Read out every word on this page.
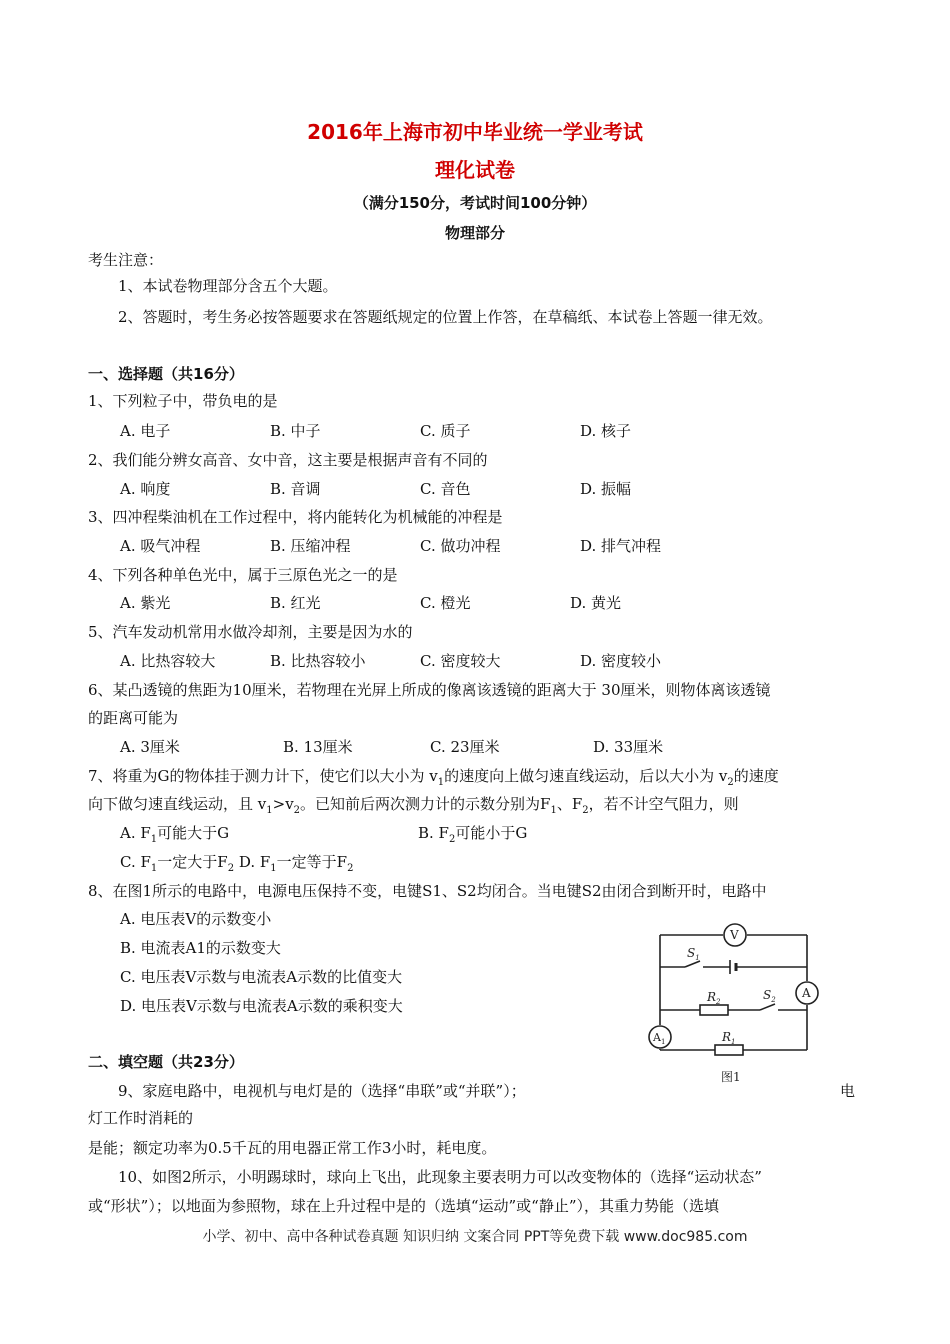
2016年上海市初中毕业统一学业考试
理化试卷
（满分150分，考试时间100分钟）
物理部分
考生注意：
1、本试卷物理部分含五个大题。
2、答题时，考生务必按答题要求在答题纸规定的位置上作答，在草稿纸、本试卷上答题一律无效。
一、选择题（共16分）
1、下列粒子中，带负电的是
A. 电子	B. 中子	C. 质子	D. 核子
2、我们能分辨女高音、女中音，这主要是根据声音有不同的
A. 响度	B. 音调	C. 音色	D. 振幅
3、四冲程柴油机在工作过程中，将内能转化为机械能的冲程是
A. 吸气冲程	B. 压缩冲程	C. 做功冲程	D. 排气冲程
4、下列各种单色光中，属于三原色光之一的是
A. 紫光	B. 红光	C. 橙光	D. 黄光
5、汽车发动机常用水做冷却剂，主要是因为水的
A. 比热容较大	B. 比热容较小	C. 密度较大	D. 密度较小
6、某凸透镜的焦距为10厘米，若物理在光屏上所成的像离该透镜的距离大于 30厘米，则物体离该透镜
的距离可能为
A. 3厘米	B. 13厘米	C. 23厘米	D. 33厘米
7、将重为G的物体挂于测力计下，使它们以大小为 $v_1$的速度向上做匀速直线运动，后以大小为 $v_2$的速度
向下做匀速直线运动，且 $v_1>v_2$。已知前后两次测力计的示数分别为$F_1$、$F_2$，若不计空气阻力，则
A. $F_1$可能大于G	B. $F_2$可能小于G
C. $F_1$一定大于$F_2$ D. $F_1$一定等于$F_2$
8、在图1所示的电路中，电源电压保持不变，电键S1、S2均闭合。当电键S2由闭合到断开时，电路中
A. 电压表V的示数变小
B. 电流表A1的示数变大
C. 电压表V示数与电流表A示数的比值变大
D. 电压表V示数与电流表A示数的乘积变大
V
A
$A_1$
$S_1$
$S_2$
$R_2$
$R_1$
图1
二、填空题（共23分）
9、家庭电路中，电视机与电灯是的（选择“串联”或“并联”）；	电
灯工作时消耗的
是能；额定功率为0.5千瓦的用电器正常工作3小时，耗电度。
10、如图2所示，小明踢球时，球向上飞出，此现象主要表明力可以改变物体的（选择“运动状态”
或“形状”）；以地面为参照物，球在上升过程中是的（选填“运动”或“静止”），其重力势能（选填
小学、初中、高中各种试卷真题 知识归纳 文案合同 PPT等免费下载 www.doc985.com
